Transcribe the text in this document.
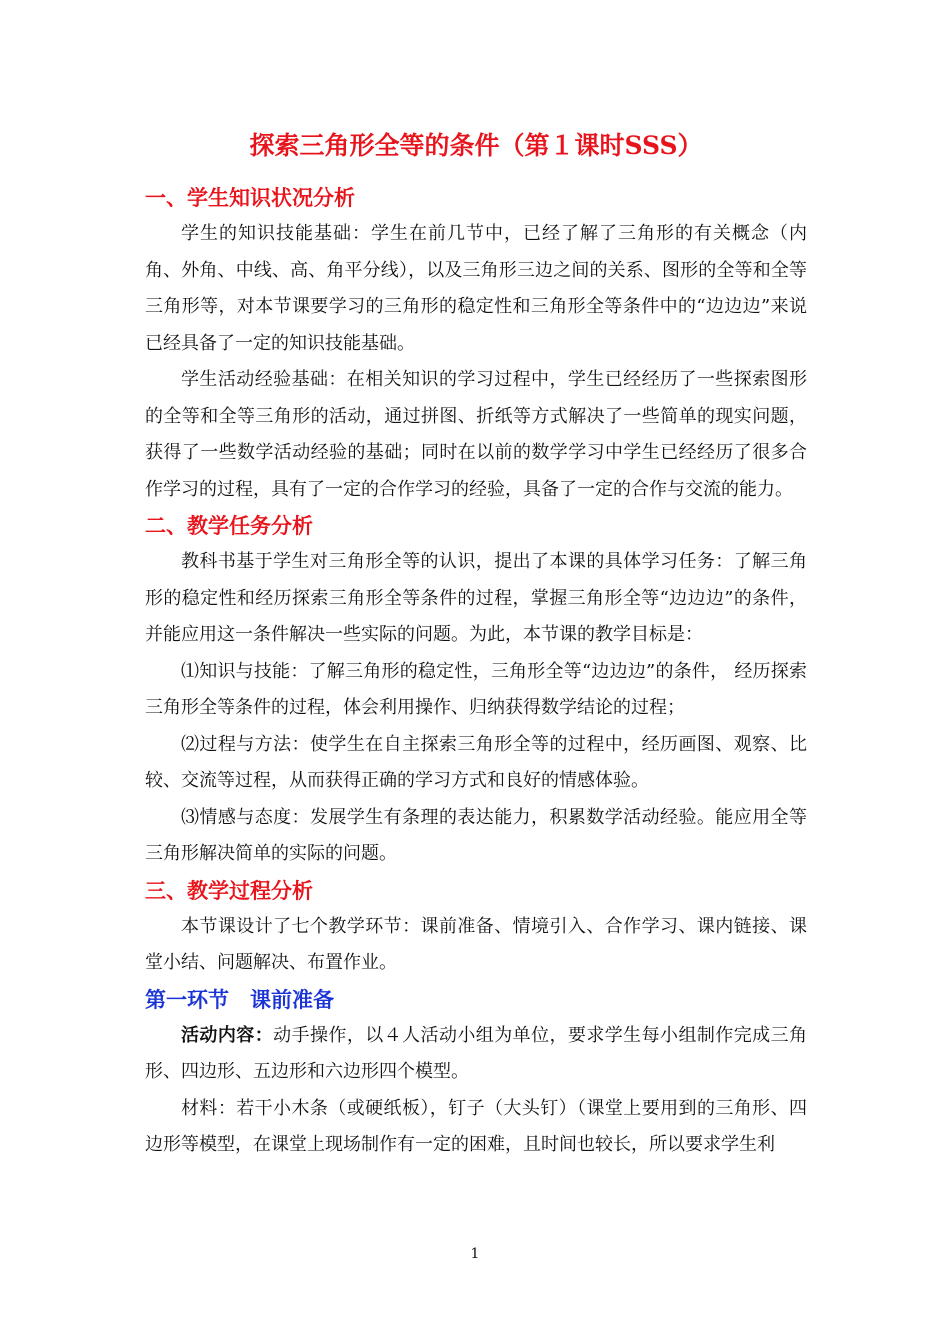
探索三角形全等的条件（第１课时SSS）
一、学生知识状况分析

学生的知识技能基础：学生在前几节中，已经了解了三角形的有关概念（内角、外角、中线、高、角平分线），以及三角形三边之间的关系、图形的全等和全等三角形等，对本节课要学习的三角形的稳定性和三角形全等条件中的“边边边”来说已经具备了一定的知识技能基础。

学生活动经验基础：在相关知识的学习过程中，学生已经经历了一些探索图形的全等和全等三角形的活动，通过拼图、折纸等方式解决了一些简单的现实问题，获得了一些数学活动经验的基础；同时在以前的数学学习中学生已经经历了很多合作学习的过程，具有了一定的合作学习的经验，具备了一定的合作与交流的能力。

二、教学任务分析

教科书基于学生对三角形全等的认识，提出了本课的具体学习任务：了解三角形的稳定性和经历探索三角形全等条件的过程，掌握三角形全等“边边边”的条件，并能应用这一条件解决一些实际的问题。为此，本节课的教学目标是：

⑴知识与技能：了解三角形的稳定性，三角形全等“边边边”的条件， 经历探索三角形全等条件的过程，体会利用操作、归纳获得数学结论的过程；

⑵过程与方法：使学生在自主探索三角形全等的过程中，经历画图、观察、比较、交流等过程，从而获得正确的学习方式和良好的情感体验。

⑶情感与态度：发展学生有条理的表达能力，积累数学活动经验。能应用全等三角形解决简单的实际的问题。

三、教学过程分析

本节课设计了七个教学环节：课前准备、情境引入、合作学习、课内链接、课堂小结、问题解决、布置作业。

第一环节　课前准备

活动内容：动手操作，以４人活动小组为单位，要求学生每小组制作完成三角形、四边形、五边形和六边形四个模型。

材料：若干小木条（或硬纸板），钉子（大头钉）（课堂上要用到的三角形、四边形等模型，在课堂上现场制作有一定的困难，且时间也较长，所以要求学生利

1
